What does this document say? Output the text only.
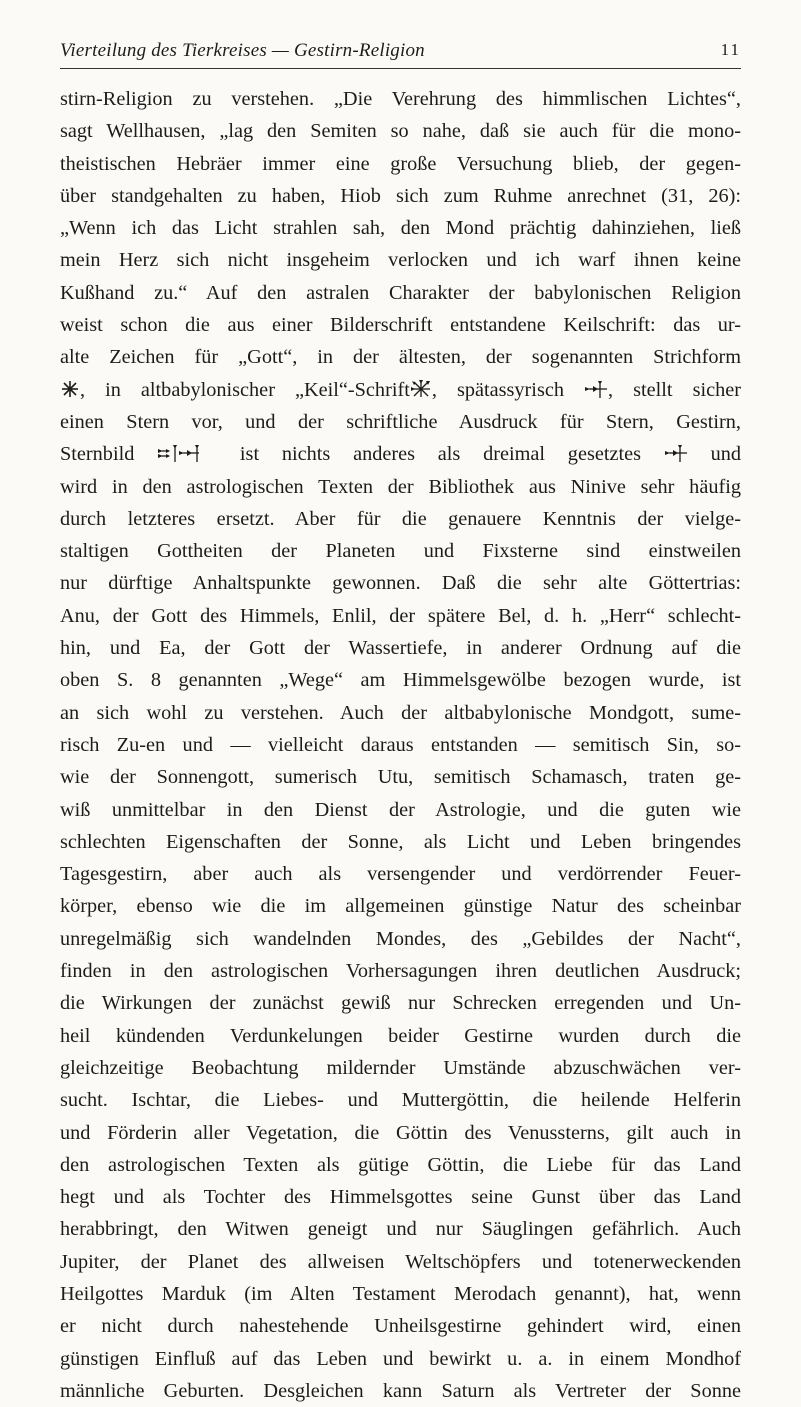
Vierteilung des Tierkreises — Gestirn-Religion	11
stirn-Religion zu verstehen. „Die Verehrung des himmlischen Lichtes“,
sagt Wellhausen, „lag den Semiten so nahe, daß sie auch für die mono-
theistischen Hebräer immer eine große Versuchung blieb, der gegen-
über standgehalten zu haben, Hiob sich zum Ruhme anrechnet (31, 26):
„Wenn ich das Licht strahlen sah, den Mond prächtig dahinziehen, ließ
mein Herz sich nicht insgeheim verlocken und ich warf ihnen keine
Kußhand zu.“ Auf den astralen Charakter der babylonischen Religion
weist schon die aus einer Bilderschrift entstandene Keilschrift: das ur-
alte Zeichen für „Gott“, in der ältesten, der sogenannten Strichform
, in altbabylonischer „Keil“-Schrift , spätassyrisch
, stellt sicher
einen Stern vor, und der schriftliche Ausdruck für Stern, Gestirn,
Sternbild	ist nichts anderes als dreimal gesetztes
und
wird in den astrologischen Texten der Bibliothek aus Ninive sehr häufig
durch letzteres ersetzt. Aber für die genauere Kenntnis der vielge-
staltigen Gottheiten der Planeten und Fixsterne sind einstweilen
nur dürftige Anhaltspunkte gewonnen. Daß die sehr alte Göttertrias:
Anu, der Gott des Himmels, Enlil, der spätere Bel, d. h. „Herr“ schlecht-
hin, und Ea, der Gott der Wassertiefe, in anderer Ordnung auf die
oben S. 8 genannten „Wege“ am Himmelsgewölbe bezogen wurde, ist
an sich wohl zu verstehen. Auch der altbabylonische Mondgott, sume-
risch Zu-en und — vielleicht daraus entstanden — semitisch Sin, so-
wie der Sonnengott, sumerisch Utu, semitisch Schamasch, traten ge-
wiß unmittelbar in den Dienst der Astrologie, und die guten wie
schlechten Eigenschaften der Sonne, als Licht und Leben bringendes
Tagesgestirn, aber auch als versengender und verdörrender Feuer-
körper, ebenso wie die im allgemeinen günstige Natur des scheinbar
unregelmäßig sich wandelnden Mondes, des „Gebildes der Nacht“,
finden in den astrologischen Vorhersagungen ihren deutlichen Ausdruck;
die Wirkungen der zunächst gewiß nur Schrecken erregenden und Un-
heil kündenden Verdunkelungen beider Gestirne wurden durch die
gleichzeitige Beobachtung mildernder Umstände abzuschwächen ver-
sucht. Ischtar, die Liebes- und Muttergöttin, die heilende Helferin
und Förderin aller Vegetation, die Göttin des Venussterns, gilt auch in
den astrologischen Texten als gütige Göttin, die Liebe für das Land
hegt und als Tochter des Himmelsgottes seine Gunst über das Land
herabbringt, den Witwen geneigt und nur Säuglingen gefährlich. Auch
Jupiter, der Planet des allweisen Weltschöpfers und totenerweckenden
Heilgottes Marduk (im Alten Testament Merodach genannt), hat, wenn
er nicht durch nahestehende Unheilsgestirne gehindert wird, einen
günstigen Einfluß auf das Leben und bewirkt u. a. in einem Mondhof
männliche Geburten. Desgleichen kann Saturn als Vertreter der Sonne
